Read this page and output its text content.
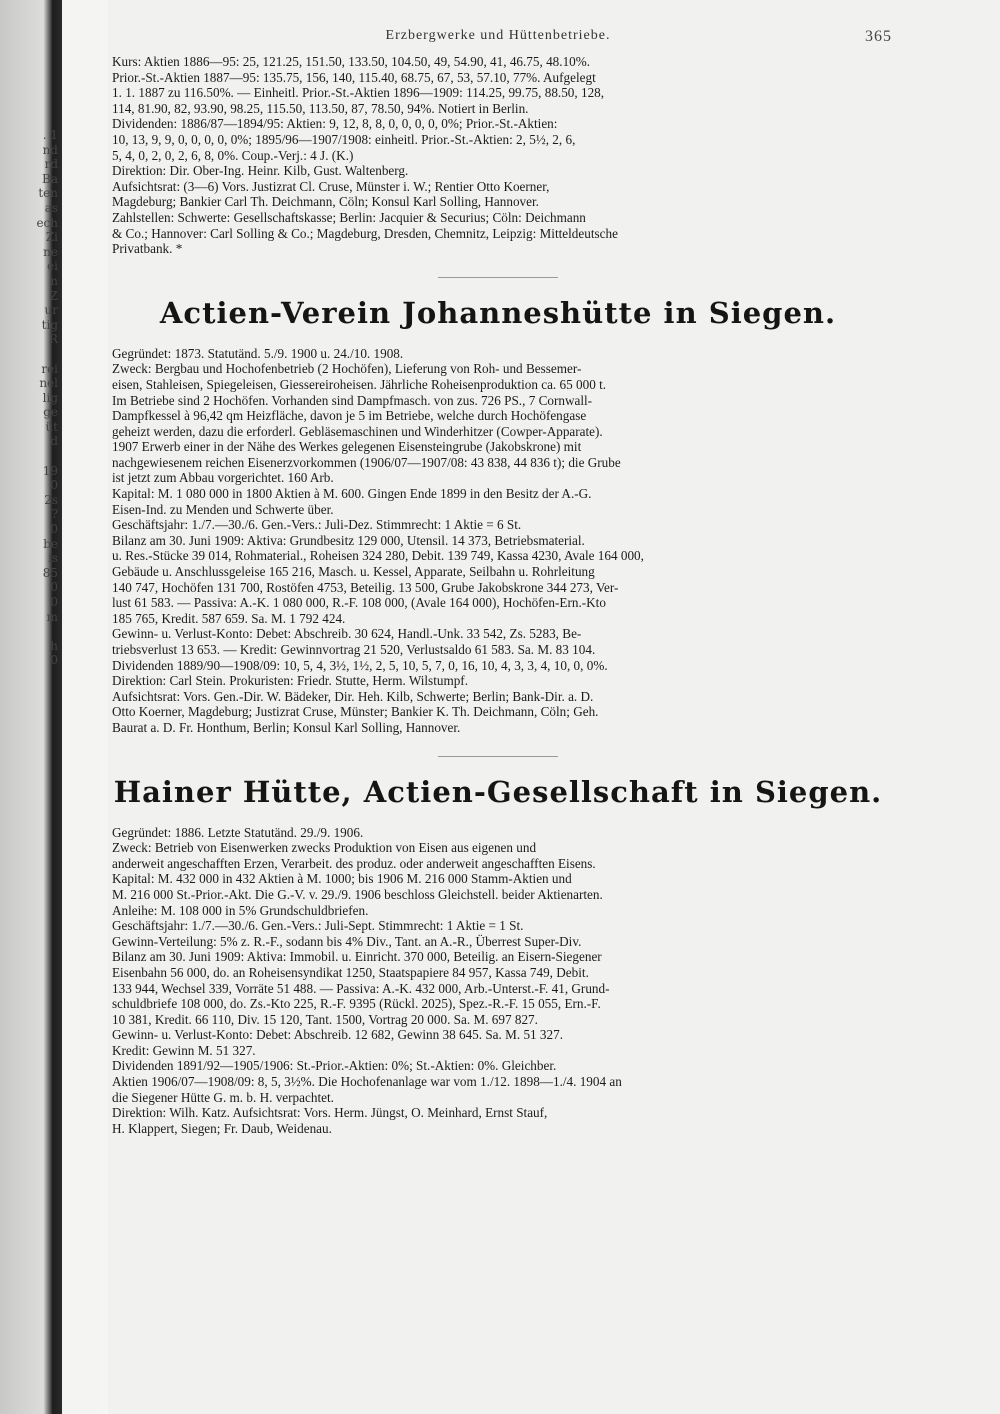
. 1
nd
rd
Ba
ten
as
ech
Zi
ne
ei
n
Z
ur
tig
R

rei
nel
lig
ge
üt
d

19
0
2s
?
0
be
is
85
0
0
m

h
0
Erzbergwerke und Hüttenbetriebe.	365

Kurs: Aktien 1886—95: 25, 121.25, 151.50, 133.50, 104.50, 49, 54.90, 41, 46.75, 48.10%.

Prior.-St.-Aktien 1887—95: 135.75, 156, 140, 115.40, 68.75, 67, 53, 57.10, 77%. Aufgelegt

1. 1. 1887 zu 116.50%. — Einheitl. Prior.-St.-Aktien 1896—1909: 114.25, 99.75, 88.50, 128,

114, 81.90, 82, 93.90, 98.25, 115.50, 113.50, 87, 78.50, 94%. Notiert in Berlin.

Dividenden: 1886/87—1894/95: Aktien: 9, 12, 8, 8, 0, 0, 0, 0, 0%; Prior.-St.-Aktien:

10, 13, 9, 9, 0, 0, 0, 0, 0%; 1895/96—1907/1908: einheitl. Prior.-St.-Aktien: 2, 5½, 2, 6,

5, 4, 0, 2, 0, 2, 6, 8, 0%. Coup.-Verj.: 4 J. (K.)

Direktion: Dir. Ober-Ing. Heinr. Kilb, Gust. Waltenberg.

Aufsichtsrat: (3—6) Vors. Justizrat Cl. Cruse, Münster i. W.; Rentier Otto Koerner,

Magdeburg; Bankier Carl Th. Deichmann, Cöln; Konsul Karl Solling, Hannover.

Zahlstellen: Schwerte: Gesellschaftskasse; Berlin: Jacquier & Securius; Cöln: Deichmann

& Co.; Hannover: Carl Solling & Co.; Magdeburg, Dresden, Chemnitz, Leipzig: Mitteldeutsche

Privatbank. *

Actien-Verein Johanneshütte in Siegen.

Gegründet: 1873. Statutänd. 5./9. 1900 u. 24./10. 1908.

Zweck: Bergbau und Hochofenbetrieb (2 Hochöfen), Lieferung von Roh- und Bessemer-

eisen, Stahleisen, Spiegeleisen, Giessereiroheisen. Jährliche Roheisenproduktion ca. 65 000 t.

Im Betriebe sind 2 Hochöfen. Vorhanden sind Dampfmasch. von zus. 726 PS., 7 Cornwall-

Dampfkessel à 96,42 qm Heizfläche, davon je 5 im Betriebe, welche durch Hochöfengase

geheizt werden, dazu die erforderl. Gebläsemaschinen und Winderhitzer (Cowper-Apparate).

1907 Erwerb einer in der Nähe des Werkes gelegenen Eisensteingrube (Jakobskrone) mit

nachgewiesenem reichen Eisenerzvorkommen (1906/07—1907/08: 43 838, 44 836 t); die Grube

ist jetzt zum Abbau vorgerichtet. 160 Arb.

Kapital: M. 1 080 000 in 1800 Aktien à M. 600. Gingen Ende 1899 in den Besitz der A.-G.

Eisen-Ind. zu Menden und Schwerte über.

Geschäftsjahr: 1./7.—30./6. Gen.-Vers.: Juli-Dez. Stimmrecht: 1 Aktie = 6 St.

Bilanz am 30. Juni 1909: Aktiva: Grundbesitz 129 000, Utensil. 14 373, Betriebsmaterial.

u. Res.-Stücke 39 014, Rohmaterial., Roheisen 324 280, Debit. 139 749, Kassa 4230, Avale 164 000,

Gebäude u. Anschlussgeleise 165 216, Masch. u. Kessel, Apparate, Seilbahn u. Rohrleitung

140 747, Hochöfen 131 700, Rostöfen 4753, Beteilig. 13 500, Grube Jakobskrone 344 273, Ver-

lust 61 583. — Passiva: A.-K. 1 080 000, R.-F. 108 000, (Avale 164 000), Hochöfen-Ern.-Kto

185 765, Kredit. 587 659. Sa. M. 1 792 424.

Gewinn- u. Verlust-Konto: Debet: Abschreib. 30 624, Handl.-Unk. 33 542, Zs. 5283, Be-

triebsverlust 13 653. — Kredit: Gewinnvortrag 21 520, Verlustsaldo 61 583. Sa. M. 83 104.

Dividenden 1889/90—1908/09: 10, 5, 4, 3½, 1½, 2, 5, 10, 5, 7, 0, 16, 10, 4, 3, 3, 4, 10, 0, 0%.

Direktion: Carl Stein. Prokuristen: Friedr. Stutte, Herm. Wilstumpf.

Aufsichtsrat: Vors. Gen.-Dir. W. Bädeker, Dir. Heh. Kilb, Schwerte; Berlin; Bank-Dir. a. D.

Otto Koerner, Magdeburg; Justizrat Cruse, Münster; Bankier K. Th. Deichmann, Cöln; Geh.

Baurat a. D. Fr. Honthum, Berlin; Konsul Karl Solling, Hannover.

Hainer Hütte, Actien-Gesellschaft in Siegen.

Gegründet: 1886. Letzte Statutänd. 29./9. 1906.

Zweck: Betrieb von Eisenwerken zwecks Produktion von Eisen aus eigenen und

anderweit angeschafften Erzen, Verarbeit. des produz. oder anderweit angeschafften Eisens.

Kapital: M. 432 000 in 432 Aktien à M. 1000; bis 1906 M. 216 000 Stamm-Aktien und

M. 216 000 St.-Prior.-Akt. Die G.-V. v. 29./9. 1906 beschloss Gleichstell. beider Aktienarten.

Anleihe: M. 108 000 in 5% Grundschuldbriefen.

Geschäftsjahr: 1./7.—30./6. Gen.-Vers.: Juli-Sept. Stimmrecht: 1 Aktie = 1 St.

Gewinn-Verteilung: 5% z. R.-F., sodann bis 4% Div., Tant. an A.-R., Überrest Super-Div.

Bilanz am 30. Juni 1909: Aktiva: Immobil. u. Einricht. 370 000, Beteilig. an Eisern-Siegener

Eisenbahn 56 000, do. an Roheisensyndikat 1250, Staatspapiere 84 957, Kassa 749, Debit.

133 944, Wechsel 339, Vorräte 51 488. — Passiva: A.-K. 432 000, Arb.-Unterst.-F. 41, Grund-

schuldbriefe 108 000, do. Zs.-Kto 225, R.-F. 9395 (Rückl. 2025), Spez.-R.-F. 15 055, Ern.-F.

10 381, Kredit. 66 110, Div. 15 120, Tant. 1500, Vortrag 20 000. Sa. M. 697 827.

Gewinn- u. Verlust-Konto: Debet: Abschreib. 12 682, Gewinn 38 645. Sa. M. 51 327.

Kredit: Gewinn M. 51 327.

Dividenden 1891/92—1905/1906: St.-Prior.-Aktien: 0%; St.-Aktien: 0%. Gleichber.

Aktien 1906/07—1908/09: 8, 5, 3½%. Die Hochofenanlage war vom 1./12. 1898—1./4. 1904 an

die Siegener Hütte G. m. b. H. verpachtet.

Direktion: Wilh. Katz. Aufsichtsrat: Vors. Herm. Jüngst, O. Meinhard, Ernst Stauf,

H. Klappert, Siegen; Fr. Daub, Weidenau.
